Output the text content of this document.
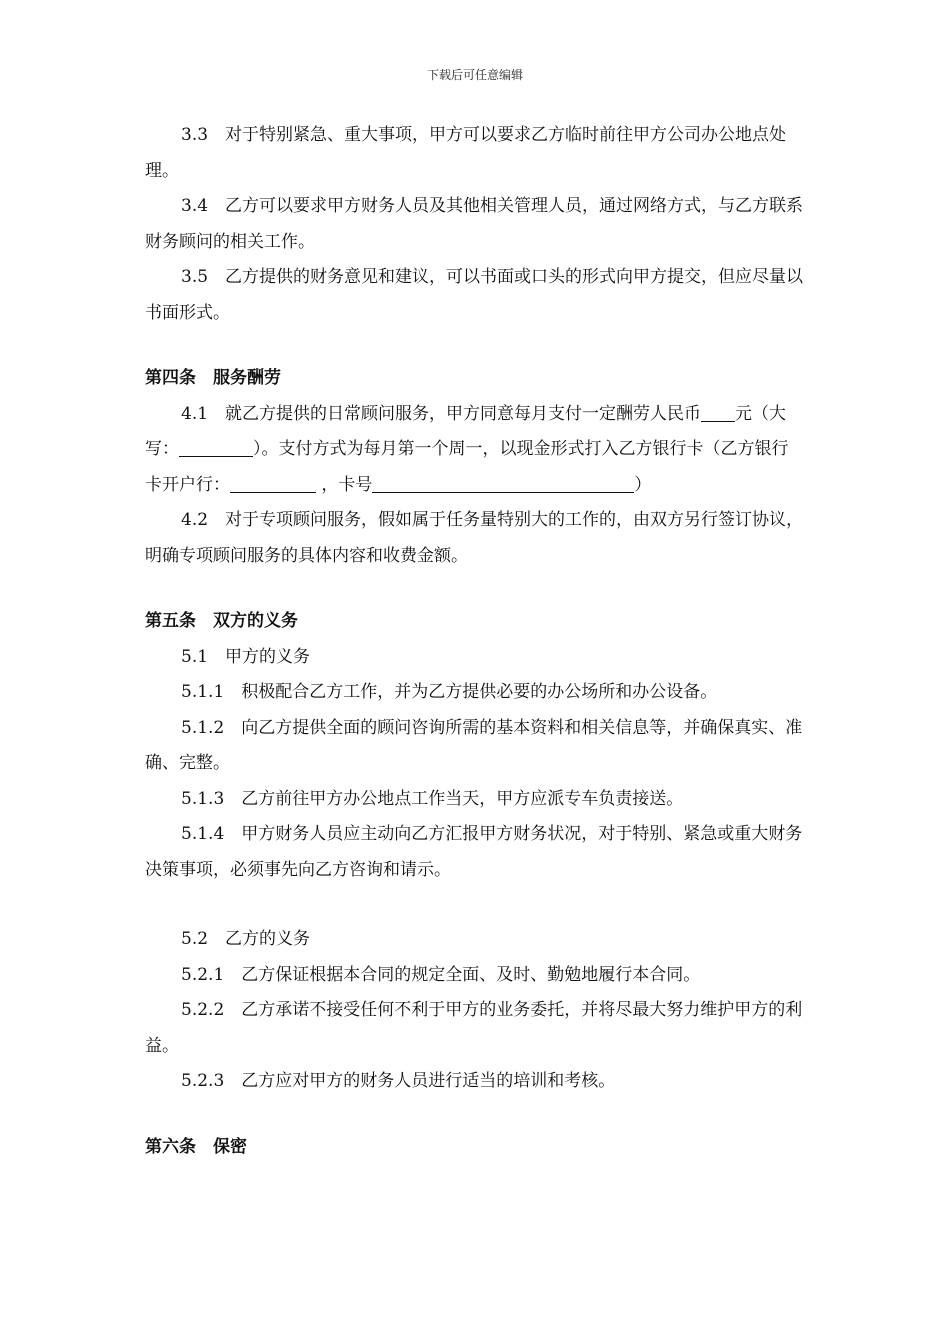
下载后可任意编辑

3.3　对于特别紧急、重大事项，甲方可以要求乙方临时前往甲方公司办公地点处理。

3.4　乙方可以要求甲方财务人员及其他相关管理人员，通过网络方式，与乙方联系财务顾问的相关工作。

3.5　乙方提供的财务意见和建议，可以书面或口头的形式向甲方提交，但应尽量以书面形式。

第四条　服务酬劳

4.1　就乙方提供的日常顾问服务，甲方同意每月支付一定酬劳人民币 元（大写：	）。支付方式为每月第一个周一，以现金形式打入乙方银行卡（乙方银行卡开户行：	，卡号	）

4.2　对于专项顾问服务，假如属于任务量特别大的工作的，由双方另行签订协议，明确专项顾问服务的具体内容和收费金额。

第五条　双方的义务

5.1　甲方的义务

5.1.1　积极配合乙方工作，并为乙方提供必要的办公场所和办公设备。

5.1.2　向乙方提供全面的顾问咨询所需的基本资料和相关信息等，并确保真实、准确、完整。

5.1.3　乙方前往甲方办公地点工作当天，甲方应派专车负责接送。

5.1.4　甲方财务人员应主动向乙方汇报甲方财务状况，对于特别、紧急或重大财务决策事项，必须事先向乙方咨询和请示。

5.2　乙方的义务

5.2.1　乙方保证根据本合同的规定全面、及时、勤勉地履行本合同。

5.2.2　乙方承诺不接受任何不利于甲方的业务委托，并将尽最大努力维护甲方的利益。

5.2.3　乙方应对甲方的财务人员进行适当的培训和考核。

第六条　保密
